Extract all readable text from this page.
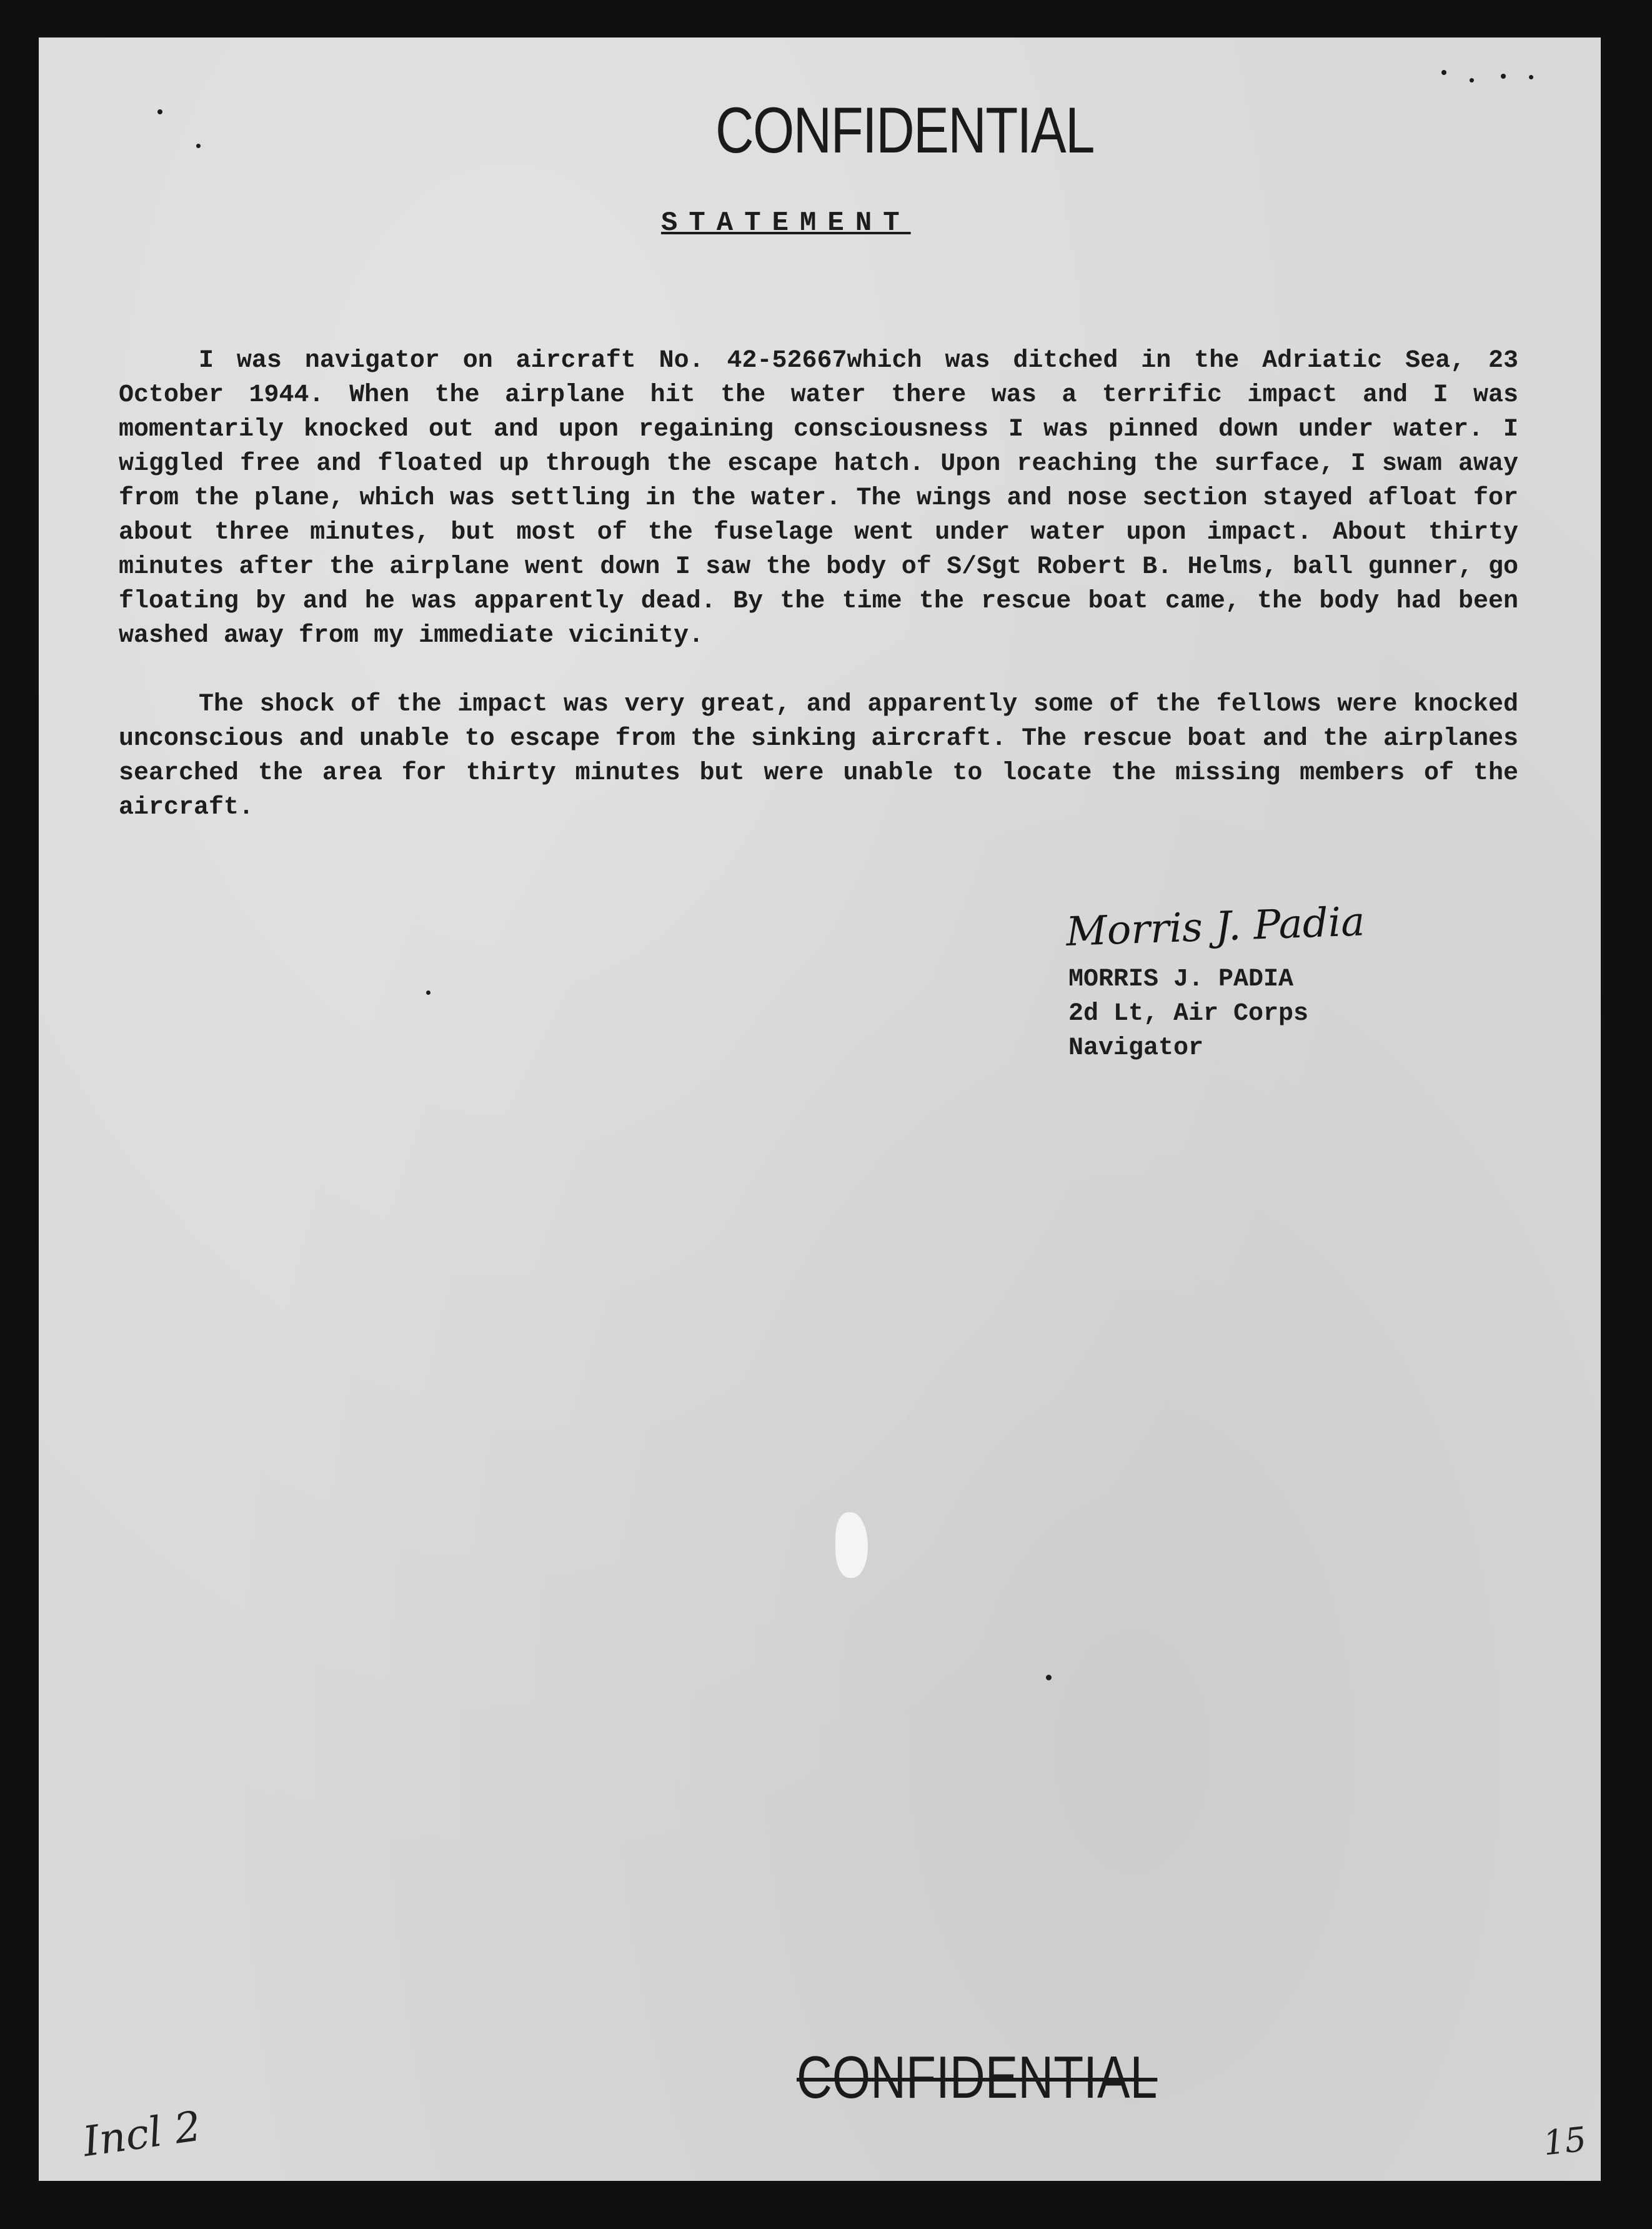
CONFIDENTIAL
STATEMENT

I was navigator on aircraft No. 42-52667which was ditched in the Adriatic Sea, 23 October 1944. When the airplane hit the water there was a terrific impact and I was momentarily knocked out and upon regaining consciousness I was pinned down under water. I wiggled free and floated up through the escape hatch. Upon reaching the surface, I swam away from the plane, which was settling in the water. The wings and nose section stayed afloat for about three minutes, but most of the fuselage went under water upon impact. About thirty minutes after the airplane went down I saw the body of S/Sgt Robert B. Helms, ball gunner, go floating by and he was apparently dead. By the time the rescue boat came, the body had been washed away from my immediate vicinity.

The shock of the impact was very great, and apparently some of the fellows were knocked unconscious and unable to escape from the sinking aircraft. The rescue boat and the airplanes searched the area for thirty minutes but were unable to locate the missing members of the aircraft.

Morris J. Padia
MORRIS J. PADIA
2d Lt, Air Corps
Navigator
CONFIDENTIAL
Incl 2	15
